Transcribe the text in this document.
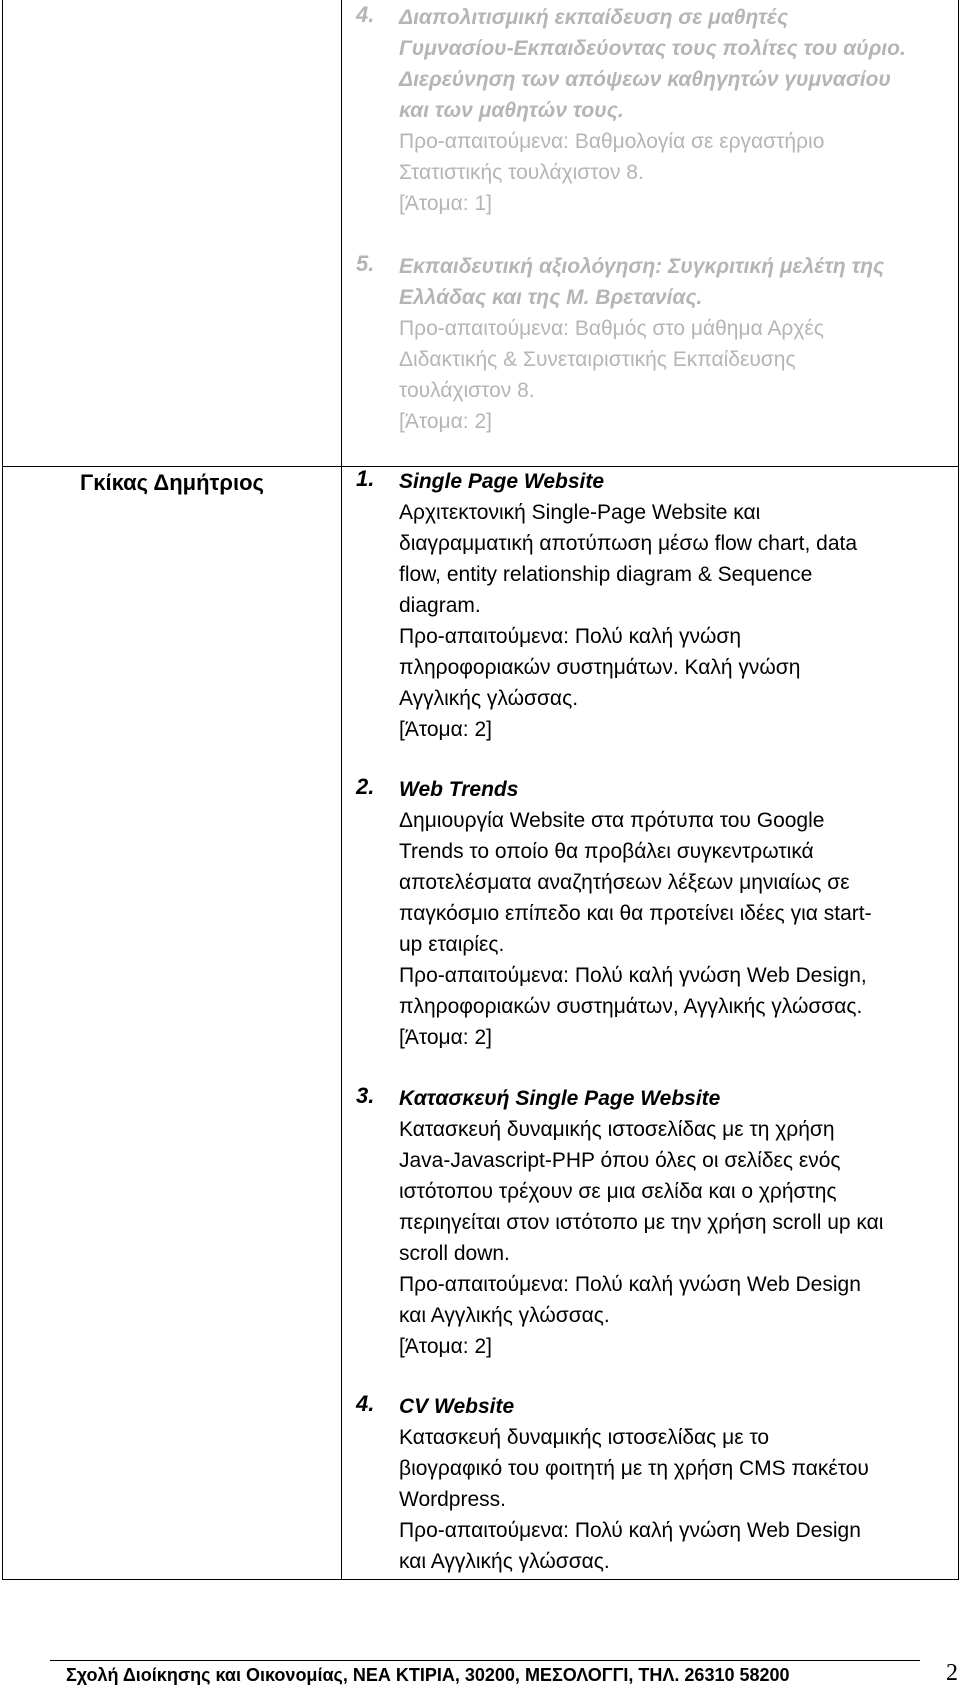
4. Διαπολιτισμική εκπαίδευση σε μαθητές
Γυμνασίου-Εκπαιδεύοντας τους πολίτες του αύριο.
Διερεύνηση των απόψεων καθηγητών γυμνασίου
και των μαθητών τους.
Προ-απαιτούμενα: Βαθμολογία σε εργαστήριο
Στατιστικής τουλάχιστον 8.
[Άτομα: 1]
5. Εκπαιδευτική αξιολόγηση: Συγκριτική μελέτη της
Ελλάδας και της Μ. Βρετανίας.
Προ-απαιτούμενα: Βαθμός στο μάθημα Αρχές
Διδακτικής & Συνεταιριστικής Εκπαίδευσης
τουλάχιστον 8.
[Άτομα: 2]
Γκίκας Δημήτριος	1. Single Page Website
Αρχιτεκτονική Single-Page Website και
διαγραμματική αποτύπωση μέσω flow chart, data
flow, entity relationship diagram & Sequence
diagram.
Προ-απαιτούμενα: Πολύ καλή γνώση
πληροφοριακών συστημάτων. Καλή γνώση
Αγγλικής γλώσσας.
[Άτομα: 2]
2. Web Trends
Δημιουργία Website στα πρότυπα του Google
Trends το οποίο θα προβάλει συγκεντρωτικά
αποτελέσματα αναζητήσεων λέξεων μηνιαίως σε
παγκόσμιο επίπεδο και θα προτείνει ιδέες για start-
up εταιρίες.
Προ-απαιτούμενα: Πολύ καλή γνώση Web Design,
πληροφοριακών συστημάτων, Αγγλικής γλώσσας.
[Άτομα: 2]
3. Κατασκευή Single Page Website
Κατασκευή δυναμικής ιστοσελίδας με τη χρήση
Java-Javascript-PHP όπου όλες οι σελίδες ενός
ιστότοπου τρέχουν σε μια σελίδα και ο χρήστης
περιηγείται στον ιστότοπο με την χρήση scroll up και
scroll down.
Προ-απαιτούμενα: Πολύ καλή γνώση Web Design
και Αγγλικής γλώσσας.
[Άτομα: 2]
4. CV Website
Κατασκευή δυναμικής ιστοσελίδας με το
βιογραφικό του φοιτητή με τη χρήση CMS πακέτου
Wordpress.
Προ-απαιτούμενα: Πολύ καλή γνώση Web Design
και Αγγλικής γλώσσας.
Σχολή Διοίκησης και Οικονομίας, ΝΕΑ ΚΤΙΡΙΑ, 30200, ΜΕΣΟΛΟΓΓΙ, ΤΗΛ. 26310 58200	2
